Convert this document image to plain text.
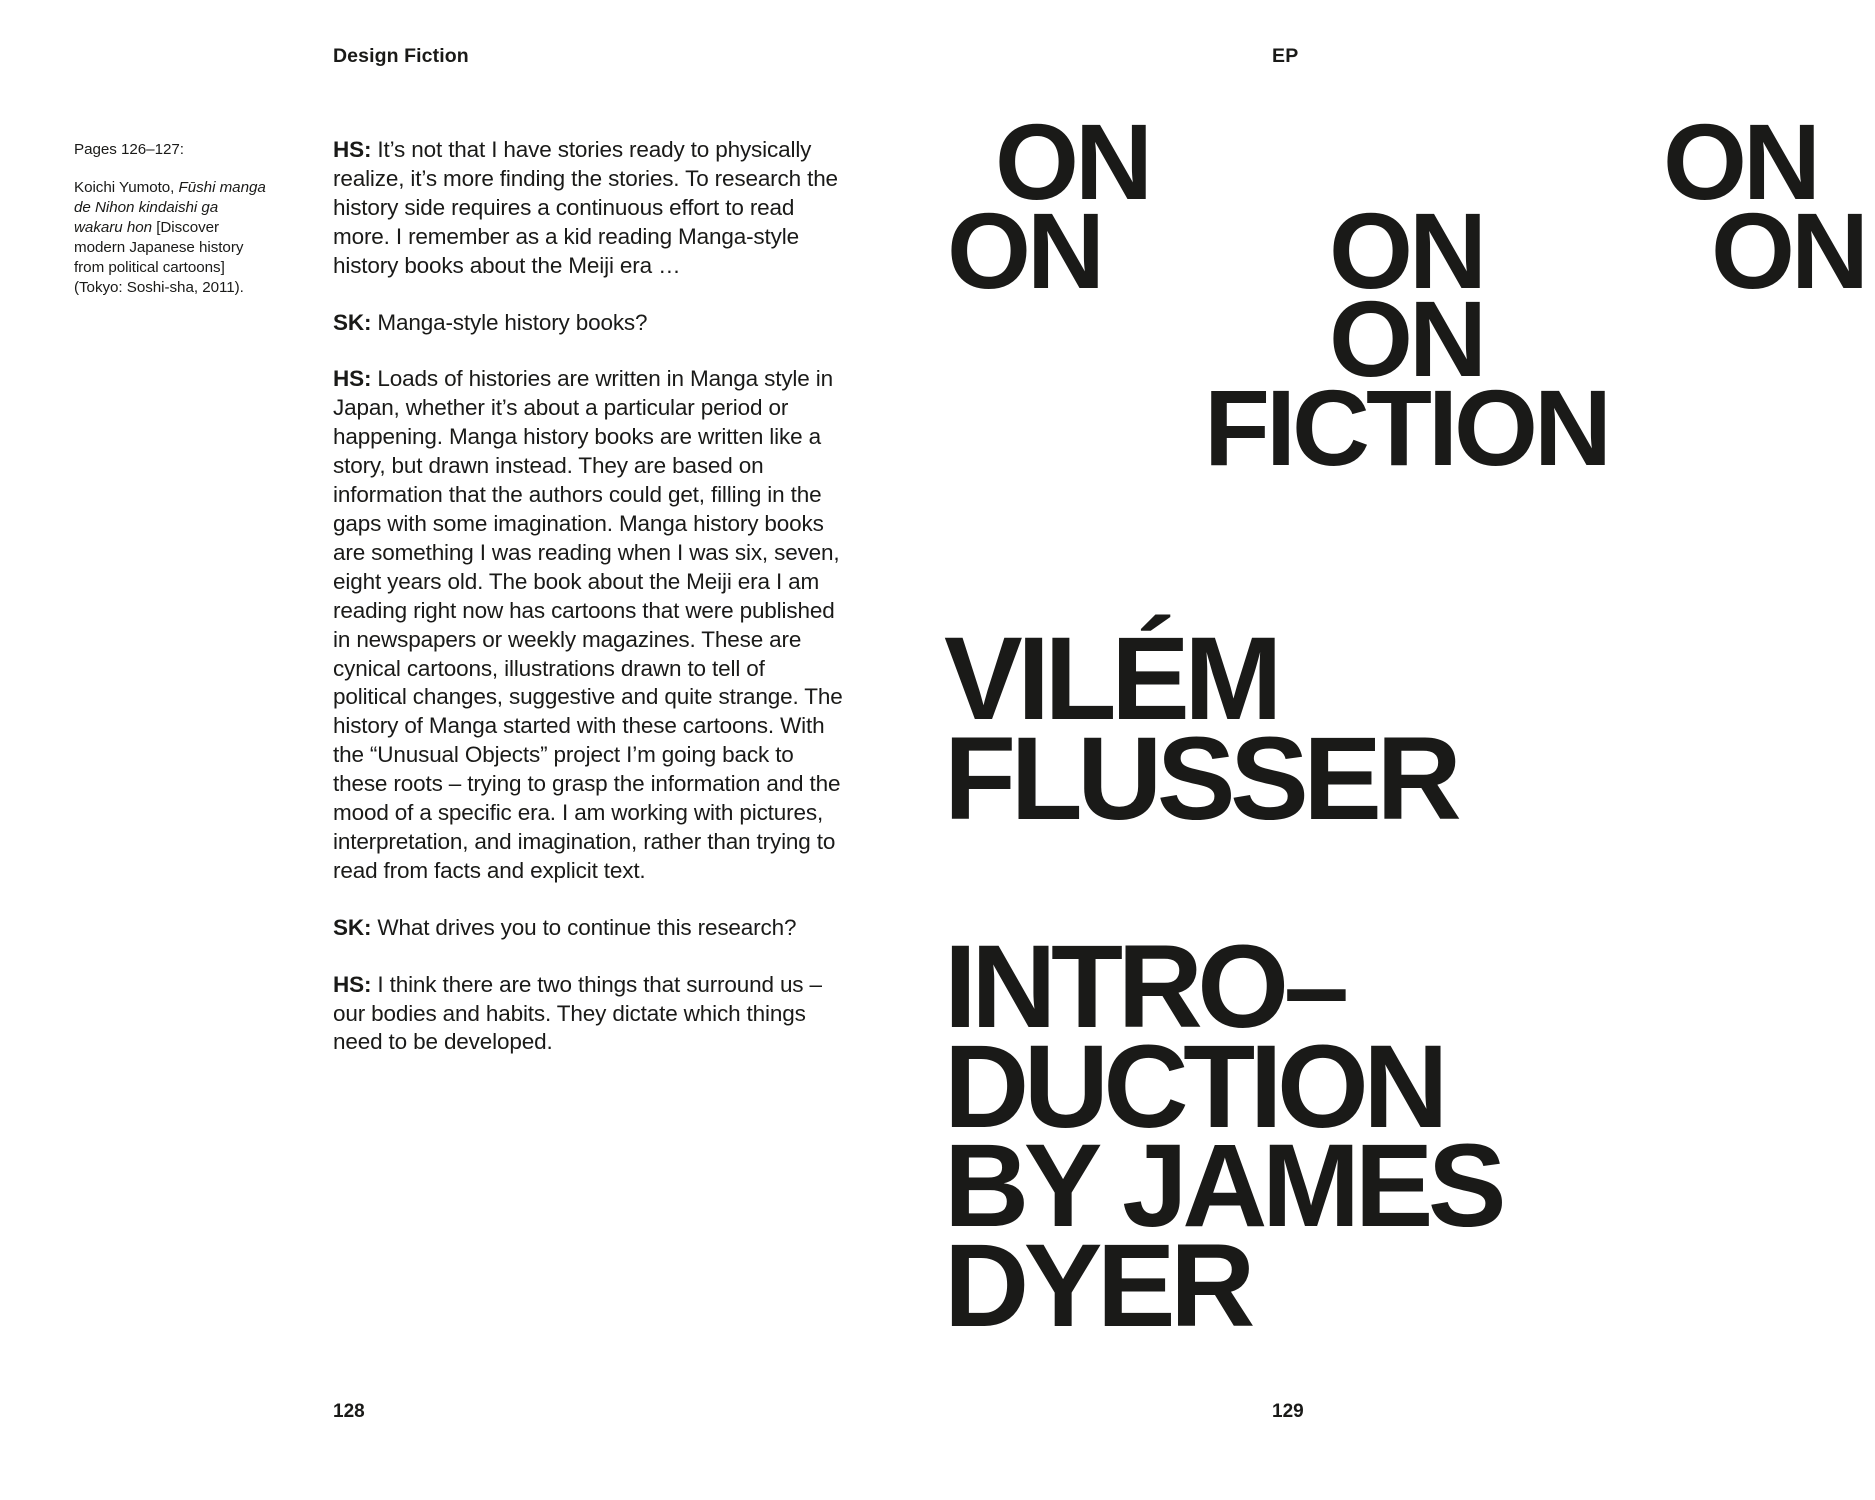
Design Fiction
Pages 126–127:
Koichi Yumoto, Fūshi manga de Nihon kindaishi ga wakaru hon [Discover modern Japanese history from political cartoons] (Tokyo: Soshi-sha, 2011).

HS: It’s not that I have stories ready to physically realize, it’s more finding the stories. To research the history side requires a continuous effort to read more. I remember as a kid reading Manga-style history books about the Meiji era …

SK: Manga-style history books?

HS: Loads of histories are written in Manga style in Japan, whether it’s about a particular period or happening. Manga history books are written like a story, but drawn instead. They are based on information that the authors could get, filling in the gaps with some imagination. Manga history books are something I was reading when I was six, seven, eight years old. The book about the Meiji era I am reading right now has cartoons that were published in newspapers or weekly magazines. These are cynical cartoons, illustrations drawn to tell of political changes, suggestive and quite strange. The history of Manga started with these cartoons. With the “Unusual Objects” project I’m going back to these roots – trying to grasp the information and the mood of a specific era. I am working with pictures, interpretation, and imagination, rather than trying to read from facts and explicit text.

SK: What drives you to continue this research?

HS: I think there are two things that surround us – our bodies and habits. They dictate which things need to be developed.

128
EP
ON	ON
ON ON ON
ON
FICTION
VILÉM
FLUSSER
INTRO–
DUCTION
BY JAMES
DYER
129
